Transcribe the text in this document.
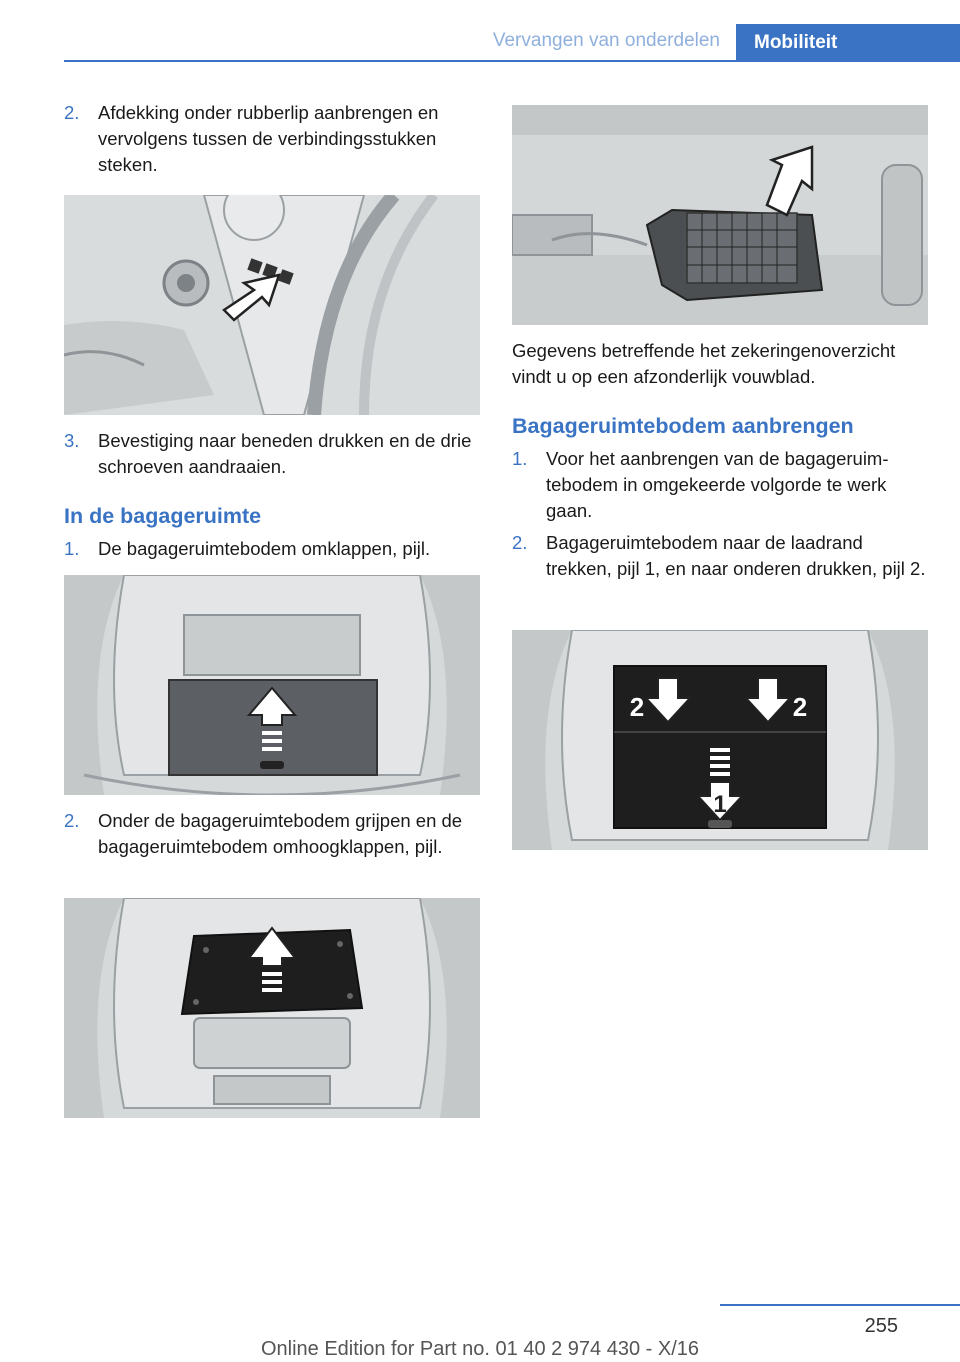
Vervangen van onderdelen	Mobiliteit
2.	Afdekking onder rubberlip aanbrengen en vervolgens tussen de verbindingsstukken steken.
3.	Bevestiging naar beneden drukken en de drie schroeven aandraaien.
In de bagageruimte
1.	De bagageruimtebodem omklappen, pijl.
2.	Onder de bagageruimtebodem grijpen en de bagageruimtebodem omhoogklappen, pijl.

Gegevens betreffende het zekeringenoverzicht vindt u op een afzonderlijk vouwblad.

Bagageruimtebodem aanbrengen
1.	Voor het aanbrengen van de bagageruim‐ tebodem in omgekeerde volgorde te werk gaan.
2.	Bagageruimtebodem naar de laadrand trekken, pijl 1, en naar onderen drukken, pijl 2.
2	2
1
255
Online Edition for Part no. 01 40 2 974 430 - X/16
